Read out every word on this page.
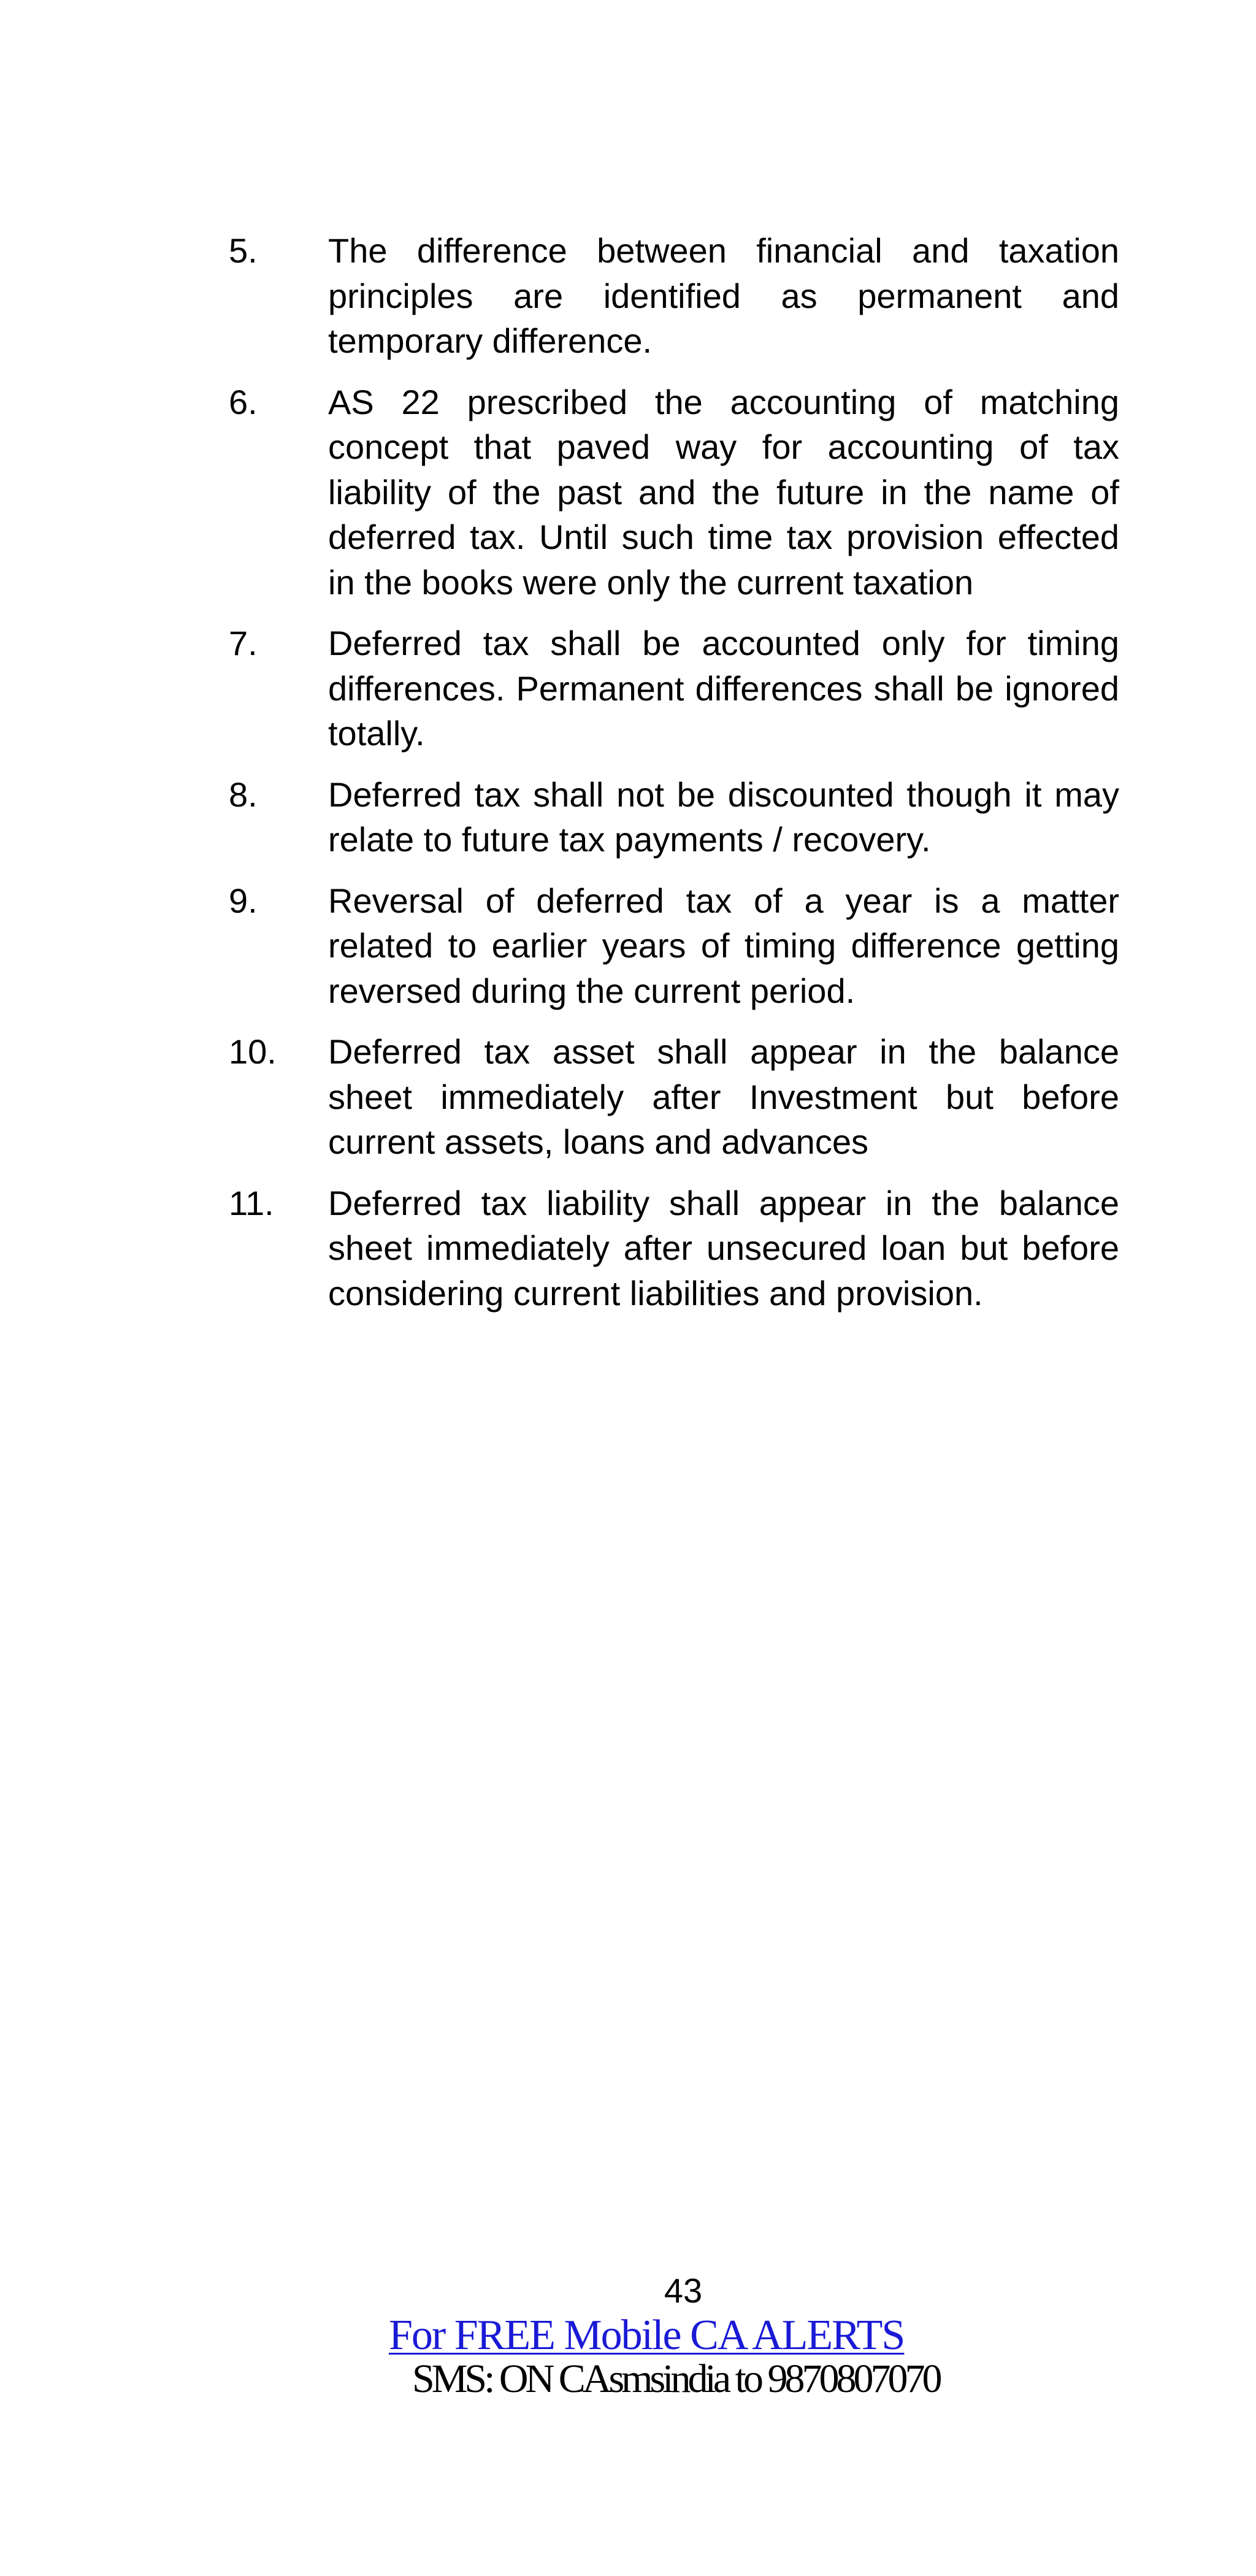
5.	The difference between financial and taxation principles are identified as permanent and temporary difference.
6.	AS 22 prescribed the accounting of matching concept that paved way for accounting of tax liability of the past and the future in the name of deferred tax. Until such time tax provision effected in the books were only the current taxation
7.	Deferred tax shall be accounted only for timing differences. Permanent differences shall be ignored totally.
8.	Deferred tax shall not be discounted though it may relate to future tax payments / recovery.
9.	Reversal of deferred tax of a year is a matter related to earlier years of timing difference getting reversed during the current period.
10.	Deferred tax asset shall appear in the balance sheet immediately after Investment but before current assets, loans and advances
11.	Deferred tax liability shall appear in the balance sheet immediately after unsecured loan but before considering current liabilities and provision.
43
For FREE Mobile CA ALERTS
SMS: ON CAsmsindia to 9870807070
